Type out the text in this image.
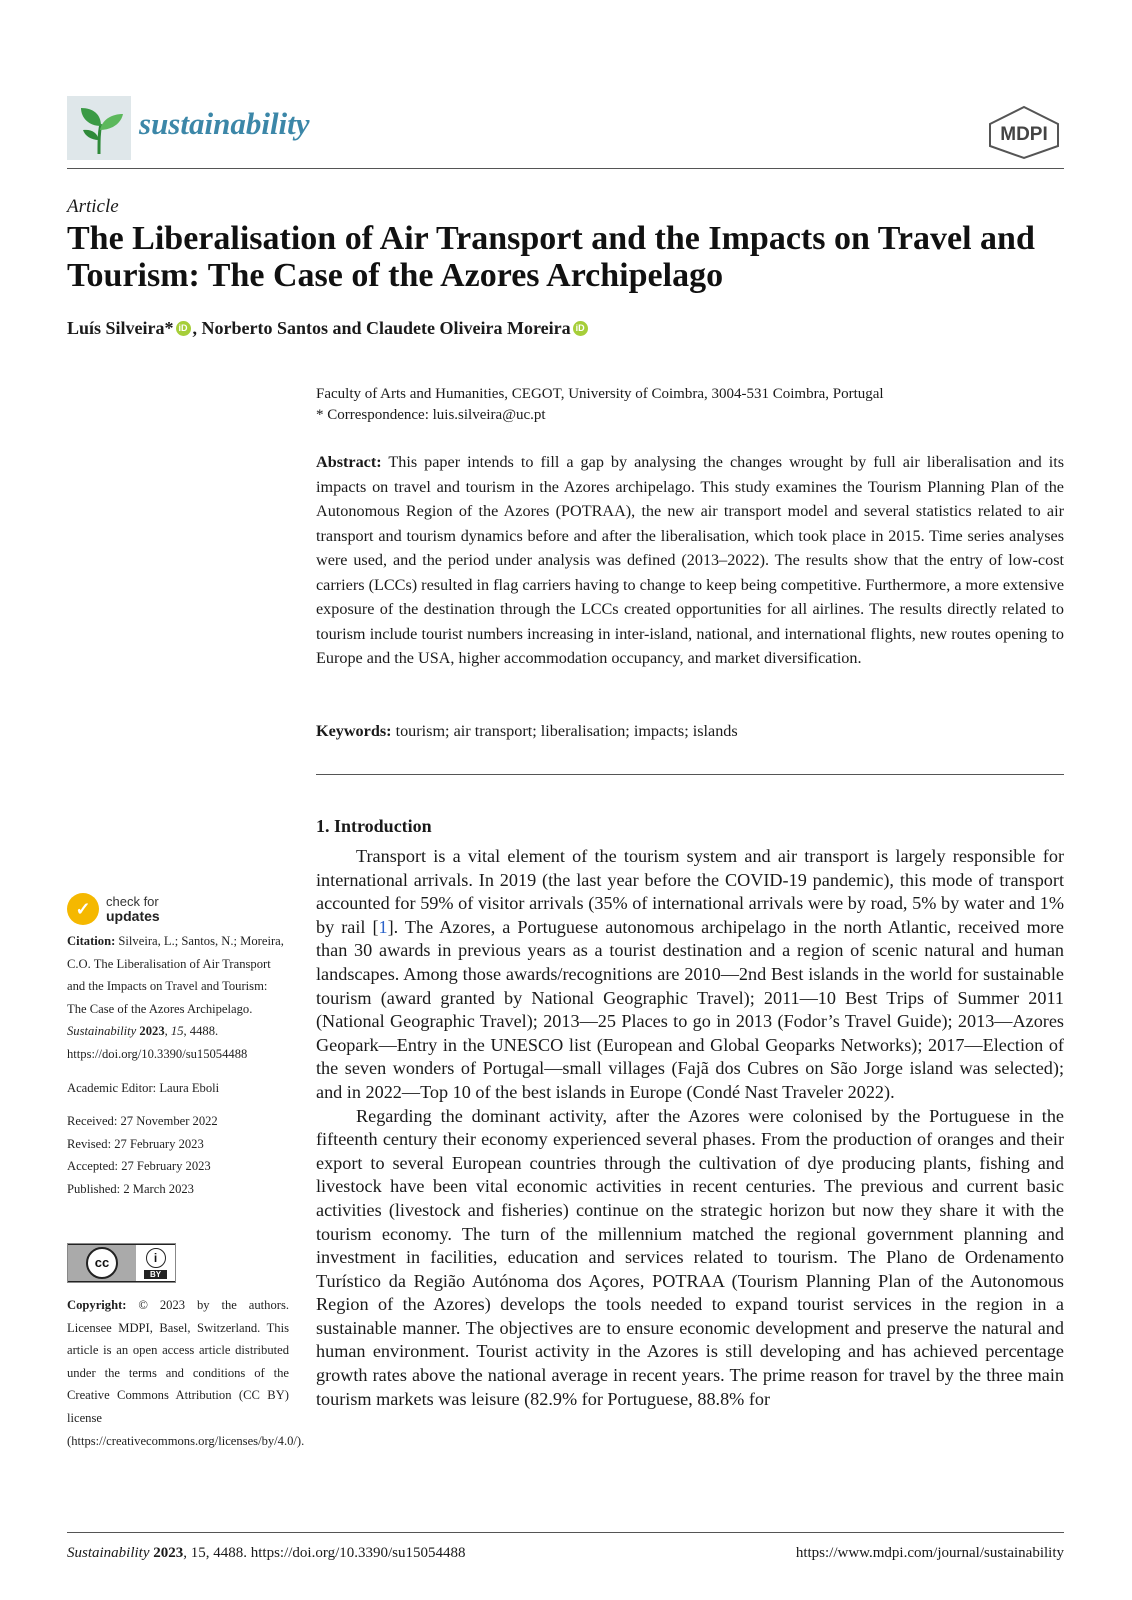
sustainability	MDPI
Article
The Liberalisation of Air Transport and the Impacts on Travel and Tourism: The Case of the Azores Archipelago
Luís Silveira * iD , Norberto Santos and Claudete Oliveira Moreira iD
Faculty of Arts and Humanities, CEGOT, University of Coimbra, 3004-531 Coimbra, Portugal
* Correspondence: luis.silveira@uc.pt
Abstract: This paper intends to fill a gap by analysing the changes wrought by full air liberalisation and its impacts on travel and tourism in the Azores archipelago. This study examines the Tourism Planning Plan of the Autonomous Region of the Azores (POTRAA), the new air transport model and several statistics related to air transport and tourism dynamics before and after the liberalisation, which took place in 2015. Time series analyses were used, and the period under analysis was defined (2013–2022). The results show that the entry of low-cost carriers (LCCs) resulted in flag carriers having to change to keep being competitive. Furthermore, a more extensive exposure of the destination through the LCCs created opportunities for all airlines. The results directly related to tourism include tourist numbers increasing in inter-island, national, and international flights, new routes opening to Europe and the USA, higher accommodation occupancy, and market diversification.
Keywords: tourism; air transport; liberalisation; impacts; islands
1. Introduction

Transport is a vital element of the tourism system and air transport is largely responsible for international arrivals. In 2019 (the last year before the COVID-19 pandemic), this mode of transport accounted for 59% of visitor arrivals (35% of international arrivals were by road, 5% by water and 1% by rail [1]. The Azores, a Portuguese autonomous archipelago in the north Atlantic, received more than 30 awards in previous years as a tourist destination and a region of scenic natural and human landscapes. Among those awards/recognitions are 2010—2nd Best islands in the world for sustainable tourism (award granted by National Geographic Travel); 2011—10 Best Trips of Summer 2011 (National Geographic Travel); 2013—25 Places to go in 2013 (Fodor’s Travel Guide); 2013—Azores Geopark—Entry in the UNESCO list (European and Global Geoparks Networks); 2017—Election of the seven wonders of Portugal—small villages (Fajã dos Cubres on São Jorge island was selected); and in 2022—Top 10 of the best islands in Europe (Condé Nast Traveler 2022).

Regarding the dominant activity, after the Azores were colonised by the Portuguese in the fifteenth century their economy experienced several phases. From the production of oranges and their export to several European countries through the cultivation of dye producing plants, fishing and livestock have been vital economic activities in recent centuries. The previous and current basic activities (livestock and fisheries) continue on the strategic horizon but now they share it with the tourism economy. The turn of the millennium matched the regional government planning and investment in facilities, education and services related to tourism. The Plano de Ordenamento Turístico da Região Autónoma dos Açores, POTRAA (Tourism Planning Plan of the Autonomous Region of the Azores) develops the tools needed to expand tourist services in the region in a sustainable manner. The objectives are to ensure economic development and preserve the natural and human environment. Tourist activity in the Azores is still developing and has achieved percentage growth rates above the national average in recent years. The prime reason for travel by the three main tourism markets was leisure (82.9% for Portuguese, 88.8% for

✓	check for
updates

Citation: Silveira, L.; Santos, N.; Moreira, C.O. The Liberalisation of Air Transport and the Impacts on Travel and Tourism: The Case of the Azores Archipelago. Sustainability 2023, 15, 4488. https://doi.org/10.3390/su15054488

Academic Editor: Laura Eboli

Received: 27 November 2022

Revised: 27 February 2023

Accepted: 27 February 2023

Published: 2 March 2023

cc	i
BY
Copyright: © 2023 by the authors. Licensee MDPI, Basel, Switzerland. This article is an open access article distributed under the terms and conditions of the Creative Commons Attribution (CC BY) license (https://creativecommons.org/licenses/by/4.0/).
Sustainability 2023, 15, 4488. https://doi.org/10.3390/su15054488	https://www.mdpi.com/journal/sustainability
